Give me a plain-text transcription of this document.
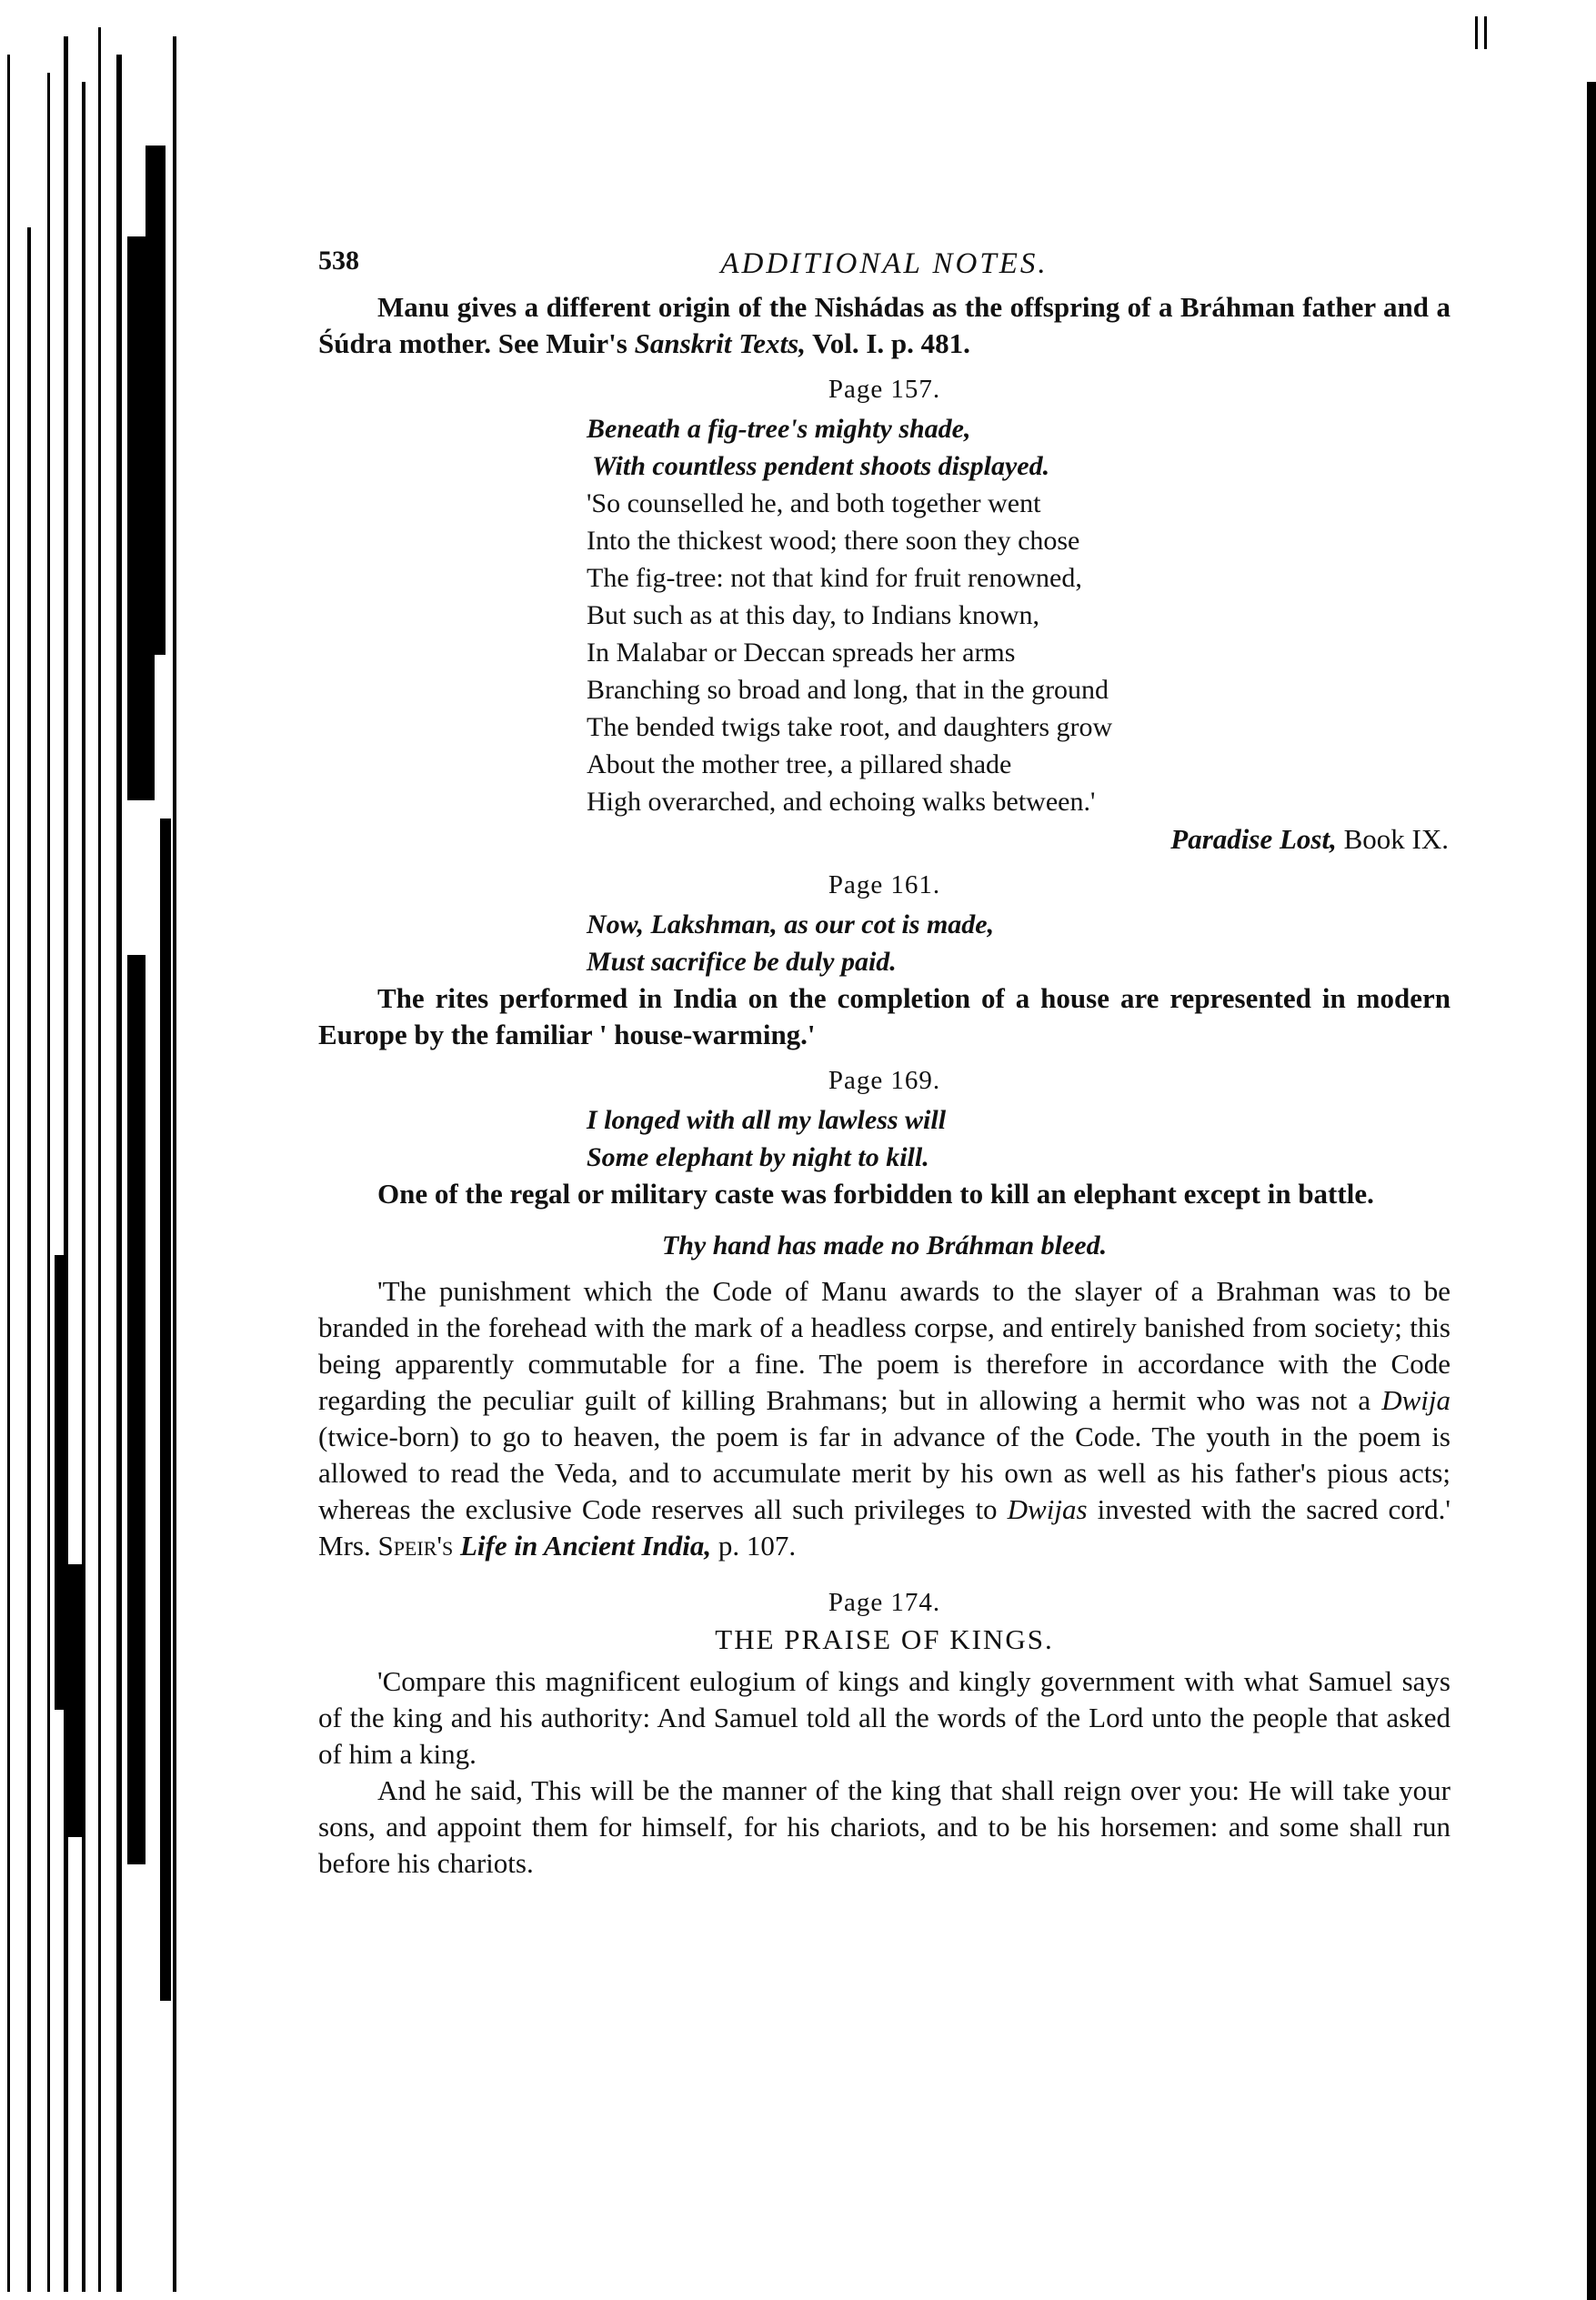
538	ADDITIONAL NOTES.

Manu gives a different origin of the Nishádas as the offspring of a Bráhman father and a Śúdra mother. See Muir's Sanskrit Texts, Vol. I. p. 481.

Page 157.
Beneath a fig-tree's mighty shade,
With countless pendent shoots displayed.
'So counselled he, and both together went
Into the thickest wood; there soon they chose
The fig-tree: not that kind for fruit renowned,
But such as at this day, to Indians known,
In Malabar or Deccan spreads her arms
Branching so broad and long, that in the ground
The bended twigs take root, and daughters grow
About the mother tree, a pillared shade
High overarched, and echoing walks between.'
Paradise Lost, Book IX.
Page 161.
Now, Lakshman, as our cot is made,
Must sacrifice be duly paid.

The rites performed in India on the completion of a house are represented in modern Europe by the familiar ' house-warming.'

Page 169.
I longed with all my lawless will
Some elephant by night to kill.

One of the regal or military caste was forbidden to kill an elephant except in battle.

Thy hand has made no Bráhman bleed.

'The punishment which the Code of Manu awards to the slayer of a Brahman was to be branded in the forehead with the mark of a headless corpse, and entirely banished from society; this being apparently commutable for a fine. The poem is therefore in accordance with the Code regarding the peculiar guilt of killing Brahmans; but in allowing a hermit who was not a Dwija (twice-born) to go to heaven, the poem is far in advance of the Code. The youth in the poem is allowed to read the Veda, and to accumulate merit by his own as well as his father's pious acts; whereas the exclusive Code reserves all such privileges to Dwijas invested with the sacred cord.' Mrs. Speir's Life in Ancient India, p. 107.

Page 174.
THE PRAISE OF KINGS.

'Compare this magnificent eulogium of kings and kingly government with what Samuel says of the king and his authority: And Samuel told all the words of the Lord unto the people that asked of him a king.

And he said, This will be the manner of the king that shall reign over you: He will take your sons, and appoint them for himself, for his chariots, and to be his horsemen: and some shall run before his chariots.
